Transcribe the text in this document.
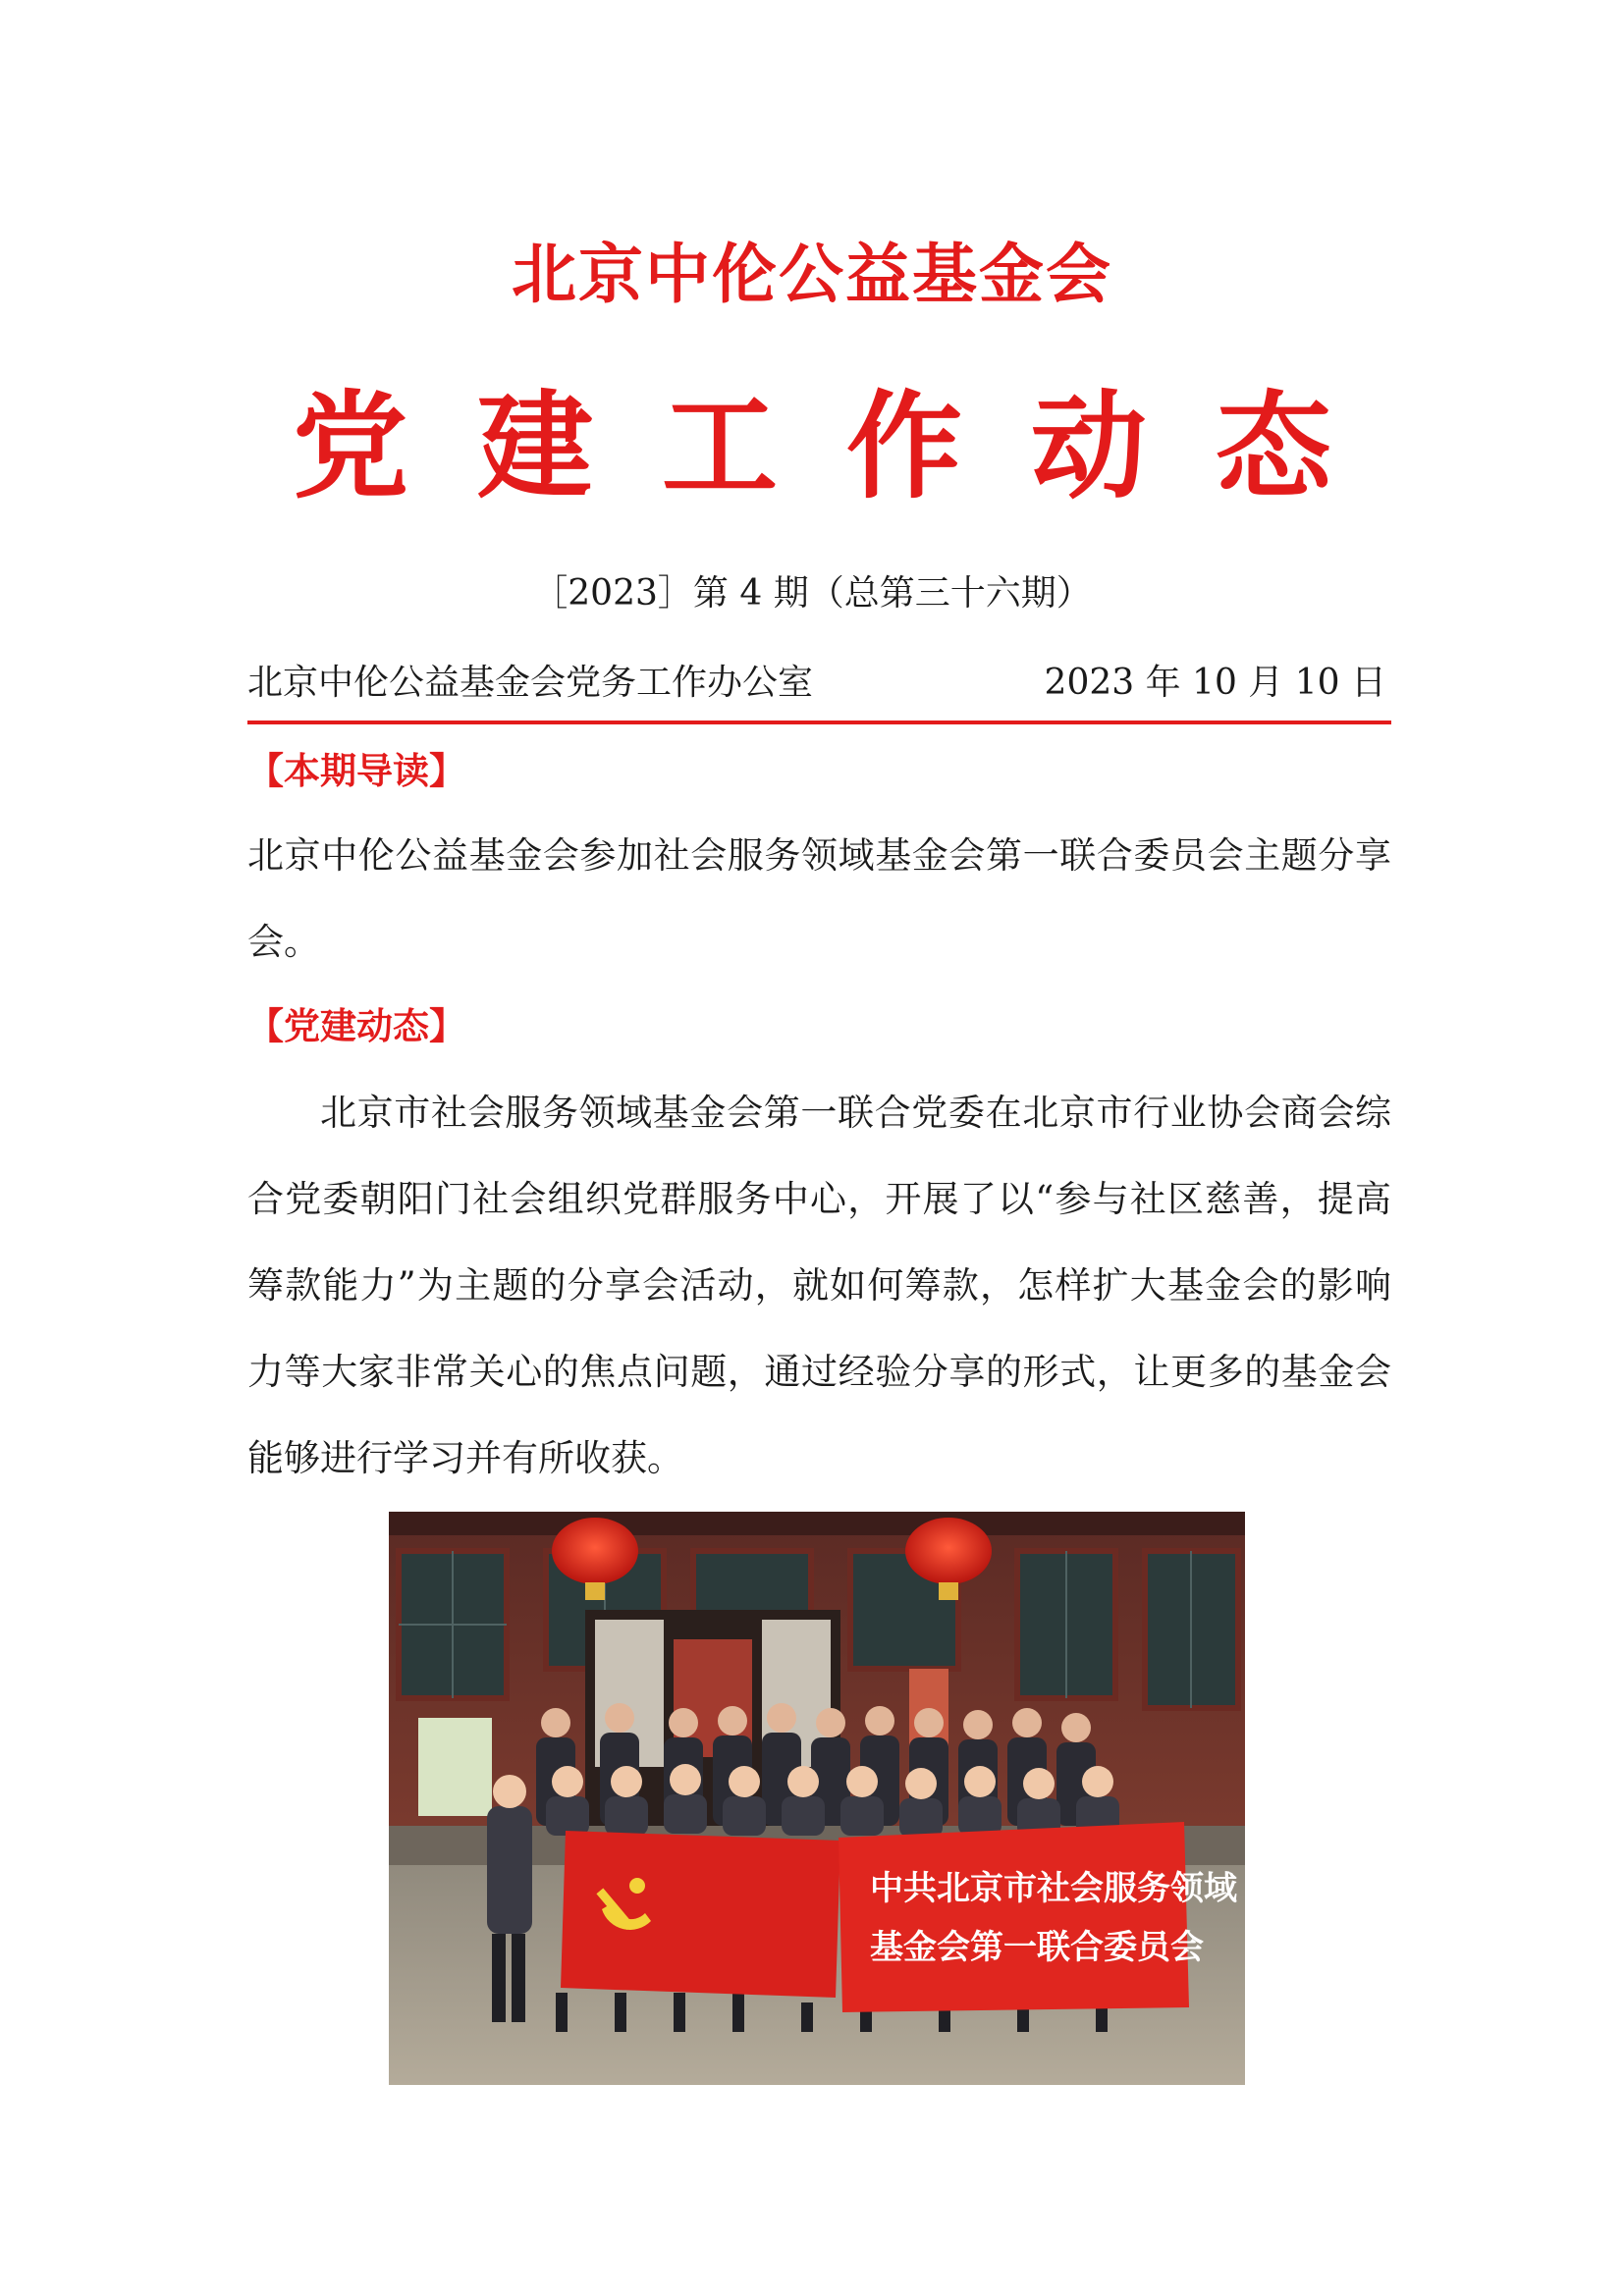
北京中伦公益基金会
党建工作动态
［2023］第 4 期（总第三十六期）
北京中伦公益基金会党务工作办公室	2023 年 10 月 10 日
【本期导读】
北京中伦公益基金会参加社会服务领域基金会第一联合委员会主题分享会。
【党建动态】
北京市社会服务领域基金会第一联合党委在北京市行业协会商会综合党委朝阳门社会组织党群服务中心，开展了以“参与社区慈善，提高筹款能力”为主题的分享会活动，就如何筹款，怎样扩大基金会的影响力等大家非常关心的焦点问题，通过经验分享的形式，让更多的基金会能够进行学习并有所收获。
中共北京市社会服务领域
基金会第一联合委员会
